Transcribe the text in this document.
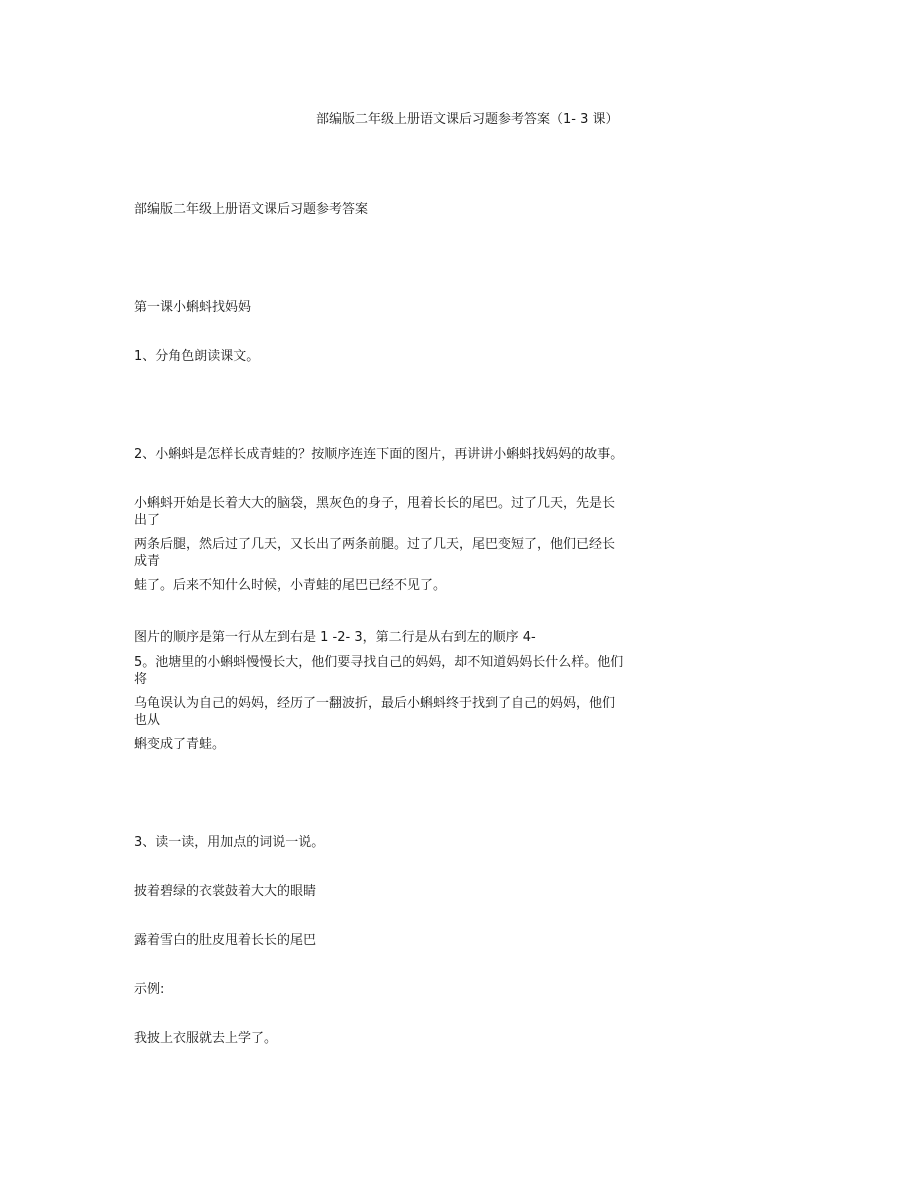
部编版二年级上册语文课后习题参考答案（1- 3 课）
部编版二年级上册语文课后习题参考答案
第一课小蝌蚪找妈妈
1、分角色朗读课文。
2、小蝌蚪是怎样长成青蛙的？按顺序连连下面的图片，再讲讲小蝌蚪找妈妈的故事。
小蝌蚪开始是长着大大的脑袋，黑灰色的身子，甩着长长的尾巴。过了几天，先是长
出了
两条后腿，然后过了几天，又长出了两条前腿。过了几天，尾巴变短了，他们已经长
成青
蛙了。后来不知什么时候，小青蛙的尾巴已经不见了。
图片的顺序是第一行从左到右是 1 -2- 3，第二行是从右到左的顺序 4-
5。池塘里的小蝌蚪慢慢长大，他们要寻找自己的妈妈，却不知道妈妈长什么样。他们
将
乌龟误认为自己的妈妈，经历了一翻波折，最后小蝌蚪终于找到了自己的妈妈，他们
也从
蝌变成了青蛙。
3、读一读，用加点的词说一说。
披着碧绿的衣裳鼓着大大的眼睛
露着雪白的肚皮甩着长长的尾巴
示例:
我披上衣服就去上学了。
